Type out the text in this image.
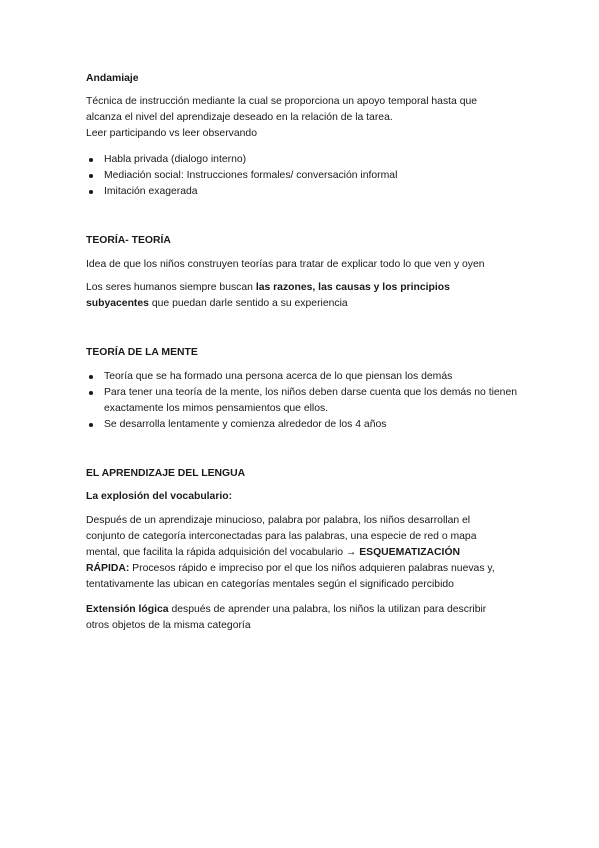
Andamiaje

Técnica de instrucción mediante la cual se proporciona un apoyo temporal hasta que

alcanza el nivel del aprendizaje deseado en la relación de la tarea.

Leer participando vs leer observando

Habla privada (dialogo interno)
Mediación social: Instrucciones formales/ conversación informal
Imitación exagerada
TEORÍA- TEORÍA
Idea de que los niños construyen teorías para tratar de explicar todo lo que ven y oyen

Los seres humanos siempre buscan las razones, las causas y los principios

subyacentes que puedan darle sentido a su experiencia

TEORÍA DE LA MENTE
Teoría que se ha formado una persona acerca de lo que piensan los demás
Para tener una teoría de la mente, los niños deben darse cuenta que los demás no tienen exactamente los mimos pensamientos que ellos.
Se desarrolla lentamente y comienza alrededor de los 4 años
EL APRENDIZAJE DEL LENGUA
La explosión del vocabulario:

Después de un aprendizaje minucioso, palabra por palabra, los niños desarrollan el

conjunto de categoría interconectadas para las palabras, una especie de red o mapa

mental, que facilita la rápida adquisición del vocabulario → ESQUEMATIZACIÓN

RÁPIDA: Procesos rápido e impreciso por el que los niños adquieren palabras nuevas y,

tentativamente las ubican en categorías mentales según el significado percibido

Extensión lógica después de aprender una palabra, los niños la utilizan para describir

otros objetos de la misma categoría
